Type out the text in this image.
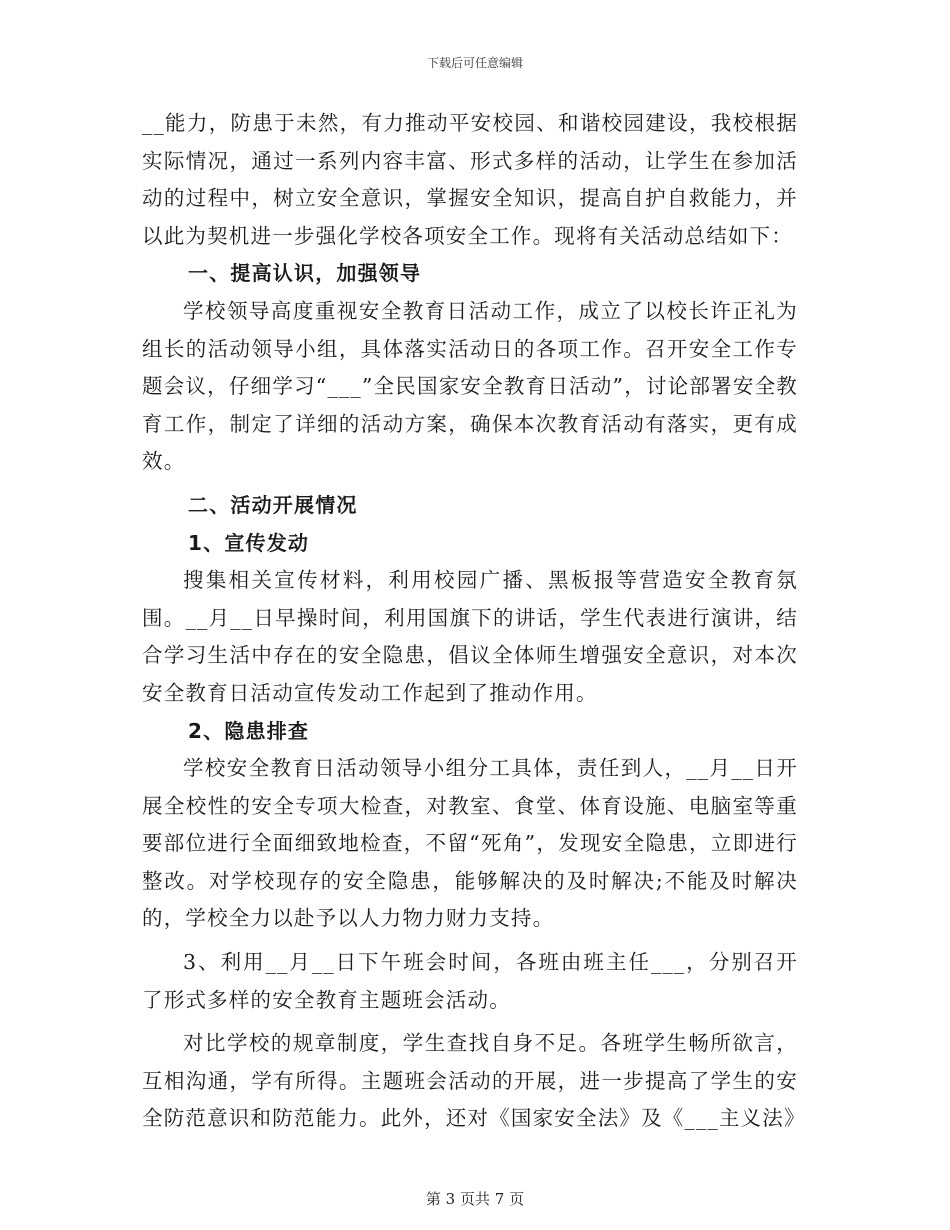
下载后可任意编辑

__能力，防患于未然，有力推动平安校园、和谐校园建设，我校根据实际情况，通过一系列内容丰富、形式多样的活动，让学生在参加活动的过程中，树立安全意识，掌握安全知识，提高自护自救能力，并以此为契机进一步强化学校各项安全工作。现将有关活动总结如下：

一、提高认识，加强领导

学校领导高度重视安全教育日活动工作，成立了以校长许正礼为组长的活动领导小组，具体落实活动日的各项工作。召开安全工作专题会议，仔细学习“___”全民国家安全教育日活动”，讨论部署安全教育工作，制定了详细的活动方案，确保本次教育活动有落实，更有成效。

二、活动开展情况

1、宣传发动

搜集相关宣传材料，利用校园广播、黑板报等营造安全教育氛围。__月__日早操时间，利用国旗下的讲话，学生代表进行演讲，结合学习生活中存在的安全隐患，倡议全体师生增强安全意识，对本次安全教育日活动宣传发动工作起到了推动作用。

2、隐患排查

学校安全教育日活动领导小组分工具体，责任到人，__月__日开展全校性的安全专项大检查，对教室、食堂、体育设施、电脑室等重要部位进行全面细致地检查，不留“死角”，发现安全隐患，立即进行整改。对学校现存的安全隐患，能够解决的及时解决;不能及时解决的，学校全力以赴予以人力物力财力支持。

3、利用__月__日下午班会时间，各班由班主任___，分别召开了形式多样的安全教育主题班会活动。

对比学校的规章制度，学生查找自身不足。各班学生畅所欲言，互相沟通，学有所得。主题班会活动的开展，进一步提高了学生的安全防范意识和防范能力。此外，还对《国家安全法》及《___主义法》

第 3 页共 7 页
